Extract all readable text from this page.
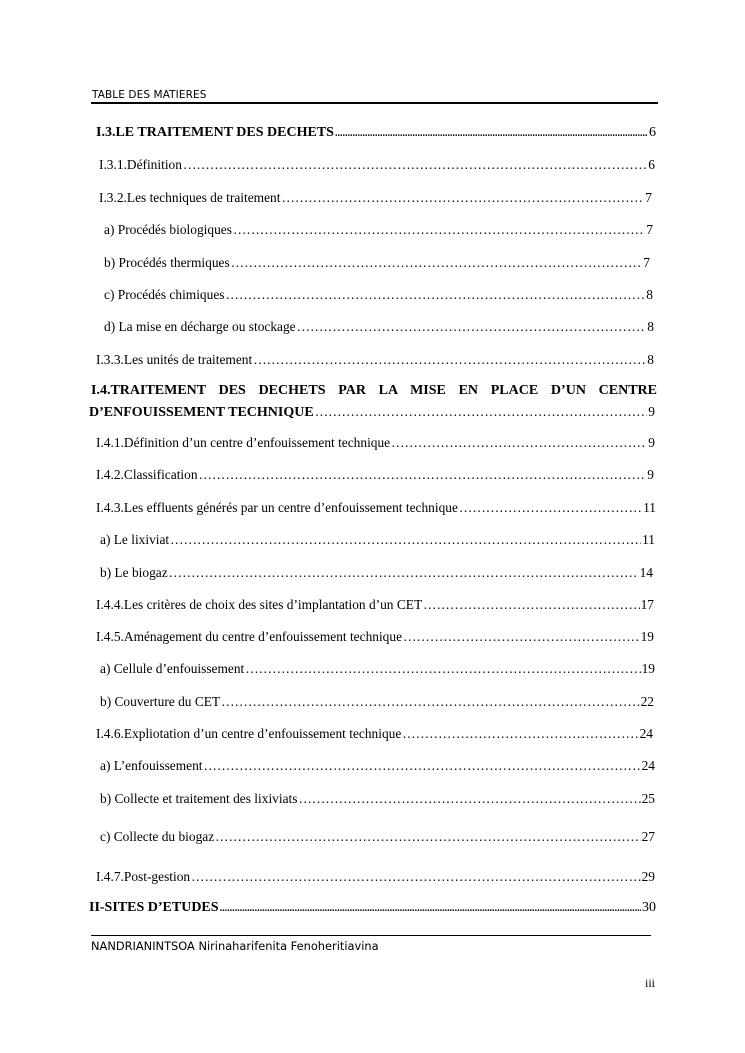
TABLE DES MATIERES
I.3.LE TRAITEMENT DES DECHETS .....	6
I.3.1.Définition ……………………………………………………………………………………………………………………………………………………………………………………	6
I.3.2.Les techniques de traitement ……………………………………………………………………………………………………………………………………………………………………………………	7
a) Procédés biologiques ……………………………………………………………………………………………………………………………………………………………………………………	7
b) Procédés thermiques ……………………………………………………………………………………………………………………………………………………………………………………	7
c) Procédés chimiques ……………………………………………………………………………………………………………………………………………………………………………………	8
d) La mise en décharge ou stockage ……………………………………………………………………………………………………………………………………………………………………………………	8
I.3.3.Les unités de traitement ……………………………………………………………………………………………………………………………………………………………………………………	8
I.4.TRAITEMENT DES DECHETS PAR LA MISE EN PLACE D’UN CENTRE
D’ENFOUISSEMENT TECHNIQUE ……………………………………………………………………………………………………………………………………………………………………………………	9
I.4.1.Définition d’un centre d’enfouissement technique ……………………………………………………………………………………………………………………………………………………………………………………	9
I.4.2.Classification ……………………………………………………………………………………………………………………………………………………………………………………	9
I.4.3.Les effluents générés par un centre d’enfouissement technique ……………………………………………………………………………………………………………………………………………………………………………………	11
a) Le lixiviat ……………………………………………………………………………………………………………………………………………………………………………………	11
b) Le biogaz ……………………………………………………………………………………………………………………………………………………………………………………	14
I.4.4.Les critères de choix des sites d’implantation d’un CET ……………………………………………………………………………………………………………………………………………………………………………………	17
I.4.5.Aménagement du centre d’enfouissement technique ……………………………………………………………………………………………………………………………………………………………………………………	19
a) Cellule d’enfouissement ……………………………………………………………………………………………………………………………………………………………………………………	19
b) Couverture du CET ……………………………………………………………………………………………………………………………………………………………………………………	22
I.4.6.Expliotation d’un centre d’enfouissement technique ……………………………………………………………………………………………………………………………………………………………………………………	24
a) L’enfouissement ……………………………………………………………………………………………………………………………………………………………………………………	24
b) Collecte et traitement des lixiviats ……………………………………………………………………………………………………………………………………………………………………………………	25
c) Collecte du biogaz ……………………………………………………………………………………………………………………………………………………………………………………	27
I.4.7.Post-gestion ……………………………………………………………………………………………………………………………………………………………………………………	29
II-SITES D’ETUDES .....	30
NANDRIANINTSOA Nirinaharifenita Fenoheritiavina
iii
